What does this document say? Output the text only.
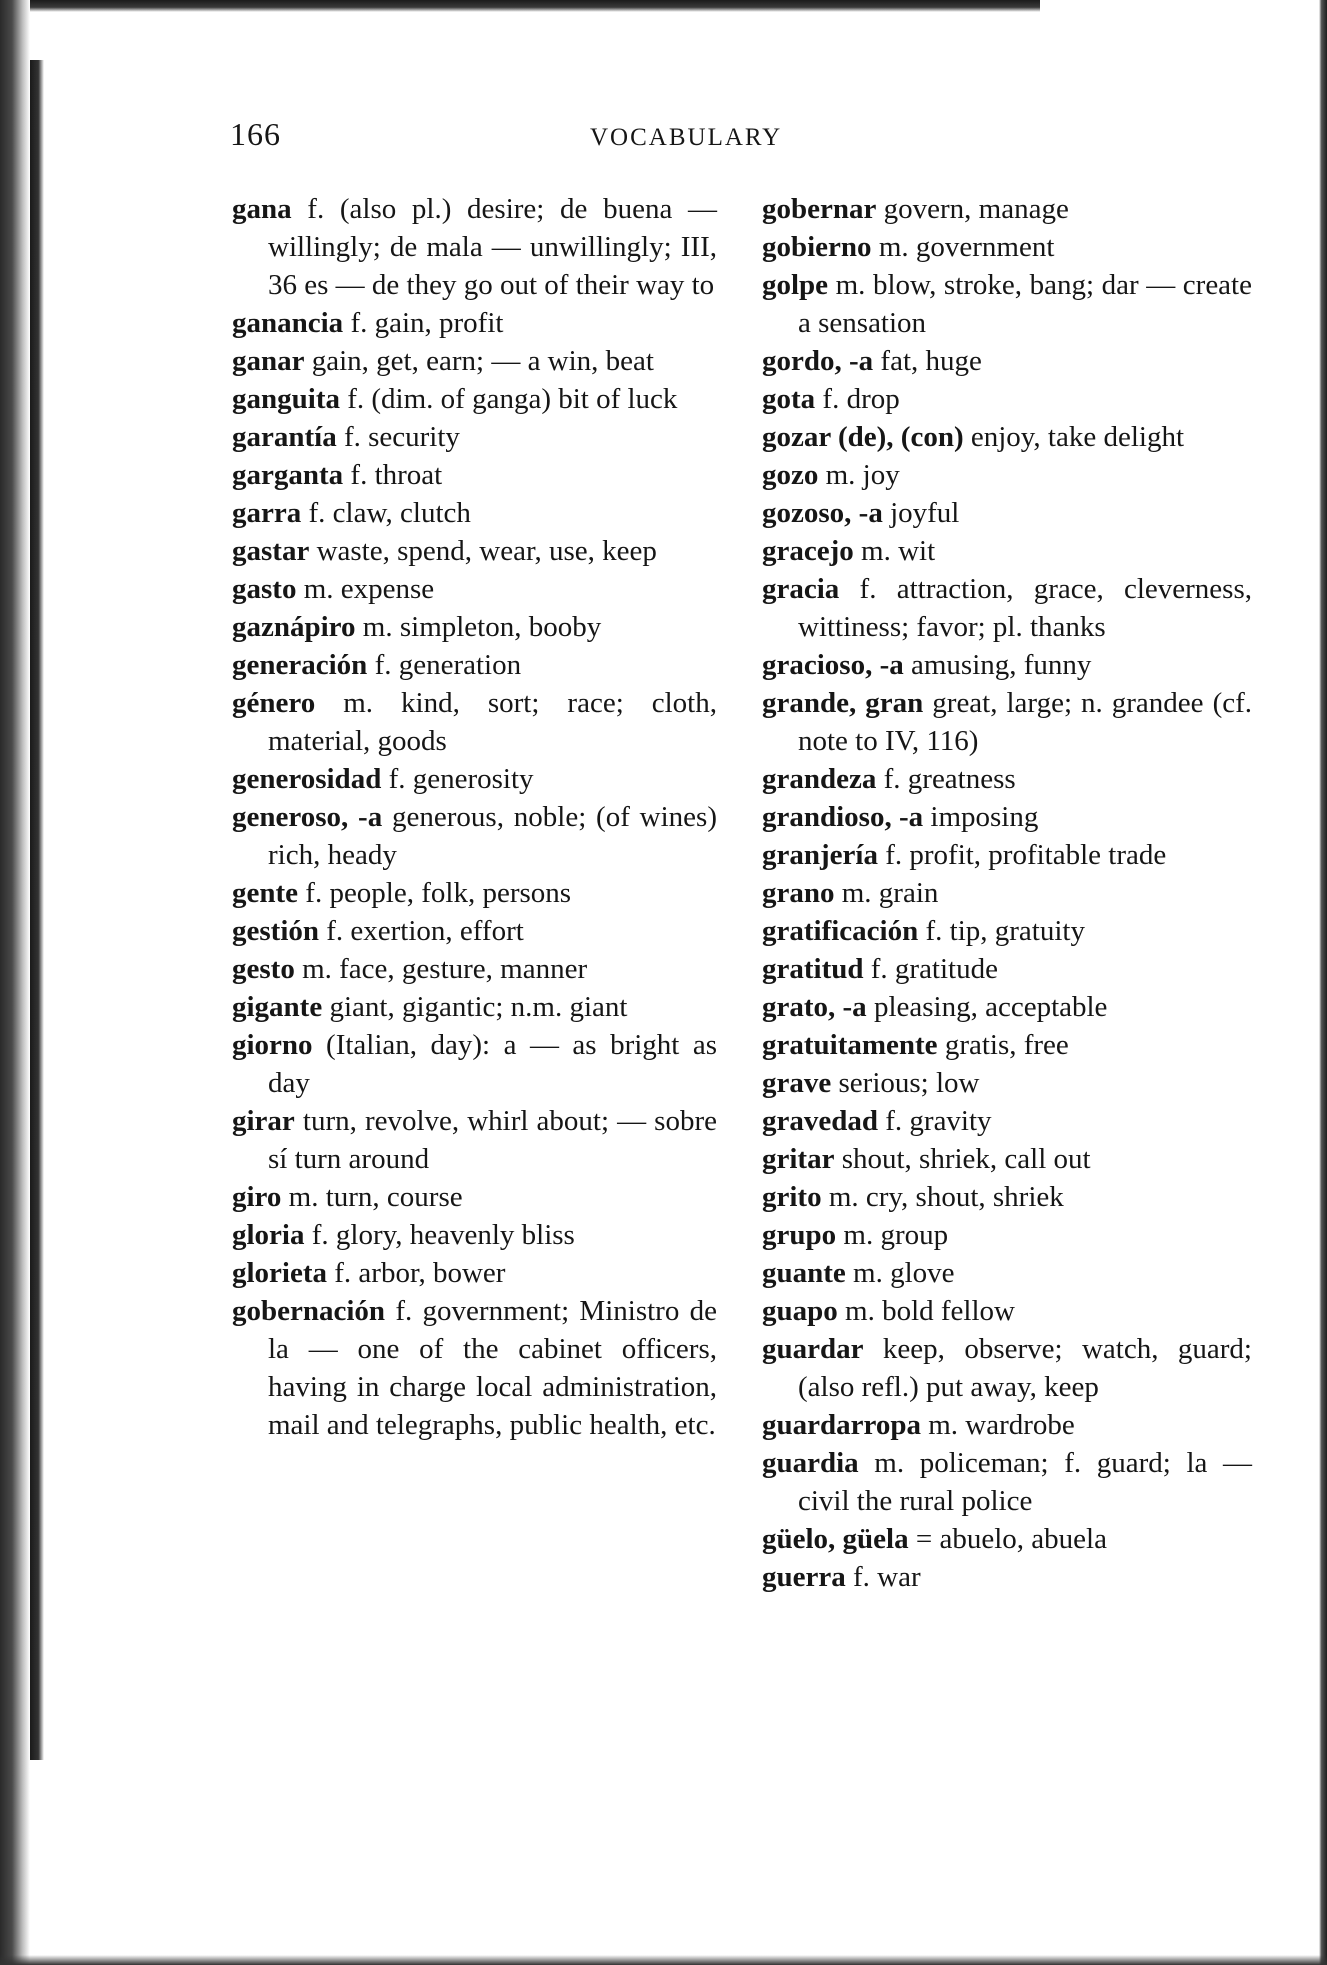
166	VOCABULARY
gana f. (also pl.) desire; de buena — willingly; de mala — unwillingly; III, 36 es — de they go out of their way to
ganancia f. gain, profit
ganar gain, get, earn; — a win, beat
ganguita f. (dim. of ganga) bit of luck
garantía f. security
garganta f. throat
garra f. claw, clutch
gastar waste, spend, wear, use, keep
gasto m. expense
gaznápiro m. simpleton, booby
generación f. generation
género m. kind, sort; race; cloth, material, goods
generosidad f. generosity
generoso, -a generous, noble; (of wines) rich, heady
gente f. people, folk, persons
gestión f. exertion, effort
gesto m. face, gesture, manner
gigante giant, gigantic; n.m. giant
giorno (Italian, day): a — as bright as day
girar turn, revolve, whirl about; — sobre sí turn around
giro m. turn, course
gloria f. glory, heavenly bliss
glorieta f. arbor, bower
gobernación f. government; Ministro de la — one of the cabinet officers, having in charge local administration, mail and telegraphs, public health, etc.
gobernar govern, manage
gobierno m. government
golpe m. blow, stroke, bang; dar — create a sensation
gordo, -a fat, huge
gota f. drop
gozar (de), (con) enjoy, take delight
gozo m. joy
gozoso, -a joyful
gracejo m. wit
gracia f. attraction, grace, cleverness, wittiness; favor; pl. thanks
gracioso, -a amusing, funny
grande, gran great, large; n. grandee (cf. note to IV, 116)
grandeza f. greatness
grandioso, -a imposing
granjería f. profit, profitable trade
grano m. grain
gratificación f. tip, gratuity
gratitud f. gratitude
grato, -a pleasing, acceptable
gratuitamente gratis, free
grave serious; low
gravedad f. gravity
gritar shout, shriek, call out
grito m. cry, shout, shriek
grupo m. group
guante m. glove
guapo m. bold fellow
guardar keep, observe; watch, guard; (also refl.) put away, keep
guardarropa m. wardrobe
guardia m. policeman; f. guard; la — civil the rural police
güelo, güela = abuelo, abuela
guerra f. war
